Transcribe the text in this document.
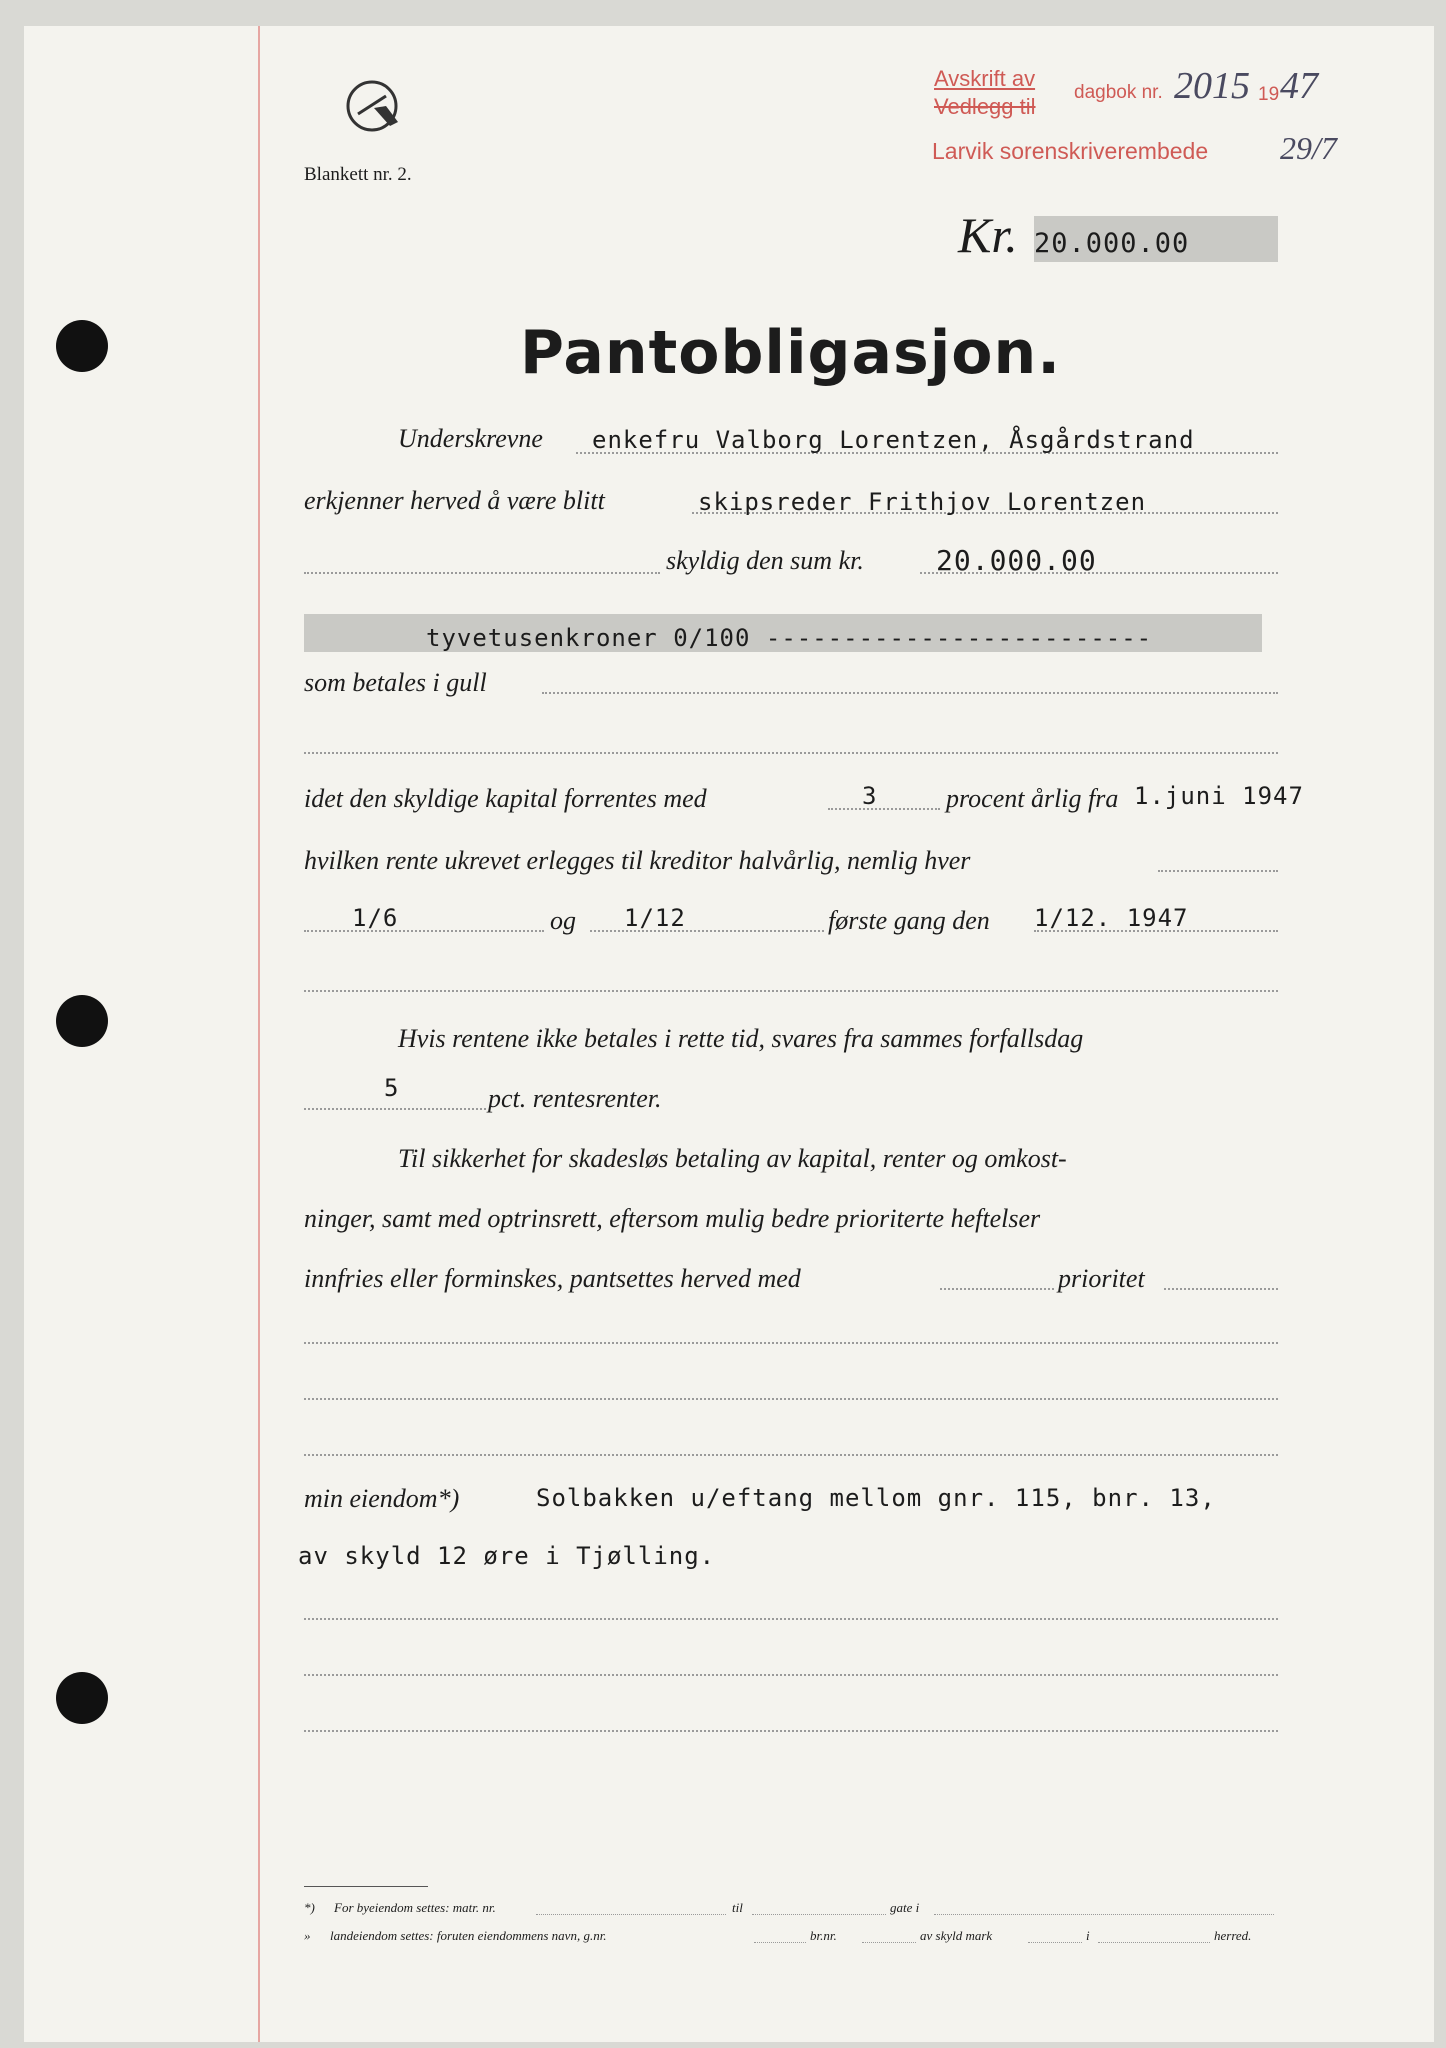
Blankett nr. 2.
Avskrift av
Vedlegg til
dagbok nr. 2015 19 47
Larvik sorenskriverembede 29/7
Kr. 20.000.00
Pantobligasjon.
Underskrevne enkefru Valborg Lorentzen, Åsgårdstrand
erkjenner herved å være blitt	skipsreder Frithjov Lorentzen
skyldig den sum kr.	20.000.00
tyvetusenkroner 0/100 -------------------------
som betales i gull
idet den skyldige kapital forrentes med	3	procent årlig fra 1.juni 1947
hvilken rente ukrevet erlegges til kreditor halvårlig, nemlig hver
1/6	og 1/12	første gang den 1/12. 1947
Hvis rentene ikke betales i rette tid, svares fra sammes forfallsdag
5	pct. rentesrenter.
Til sikkerhet for skadesløs betaling av kapital, renter og omkost-
ninger, samt med optrinsrett, eftersom mulig bedre prioriterte heftelser
innfries eller forminskes, pantsettes herved med	prioritet
min eiendom*)	Solbakken u/eftang mellom gnr. 115, bnr. 13,
av skyld 12 øre i Tjølling.
*) For byeiendom settes: matr. nr.	til	gate i
» landeiendom settes: foruten eiendommens navn, g.nr.	br.nr.	av skyld mark	i	herred.
